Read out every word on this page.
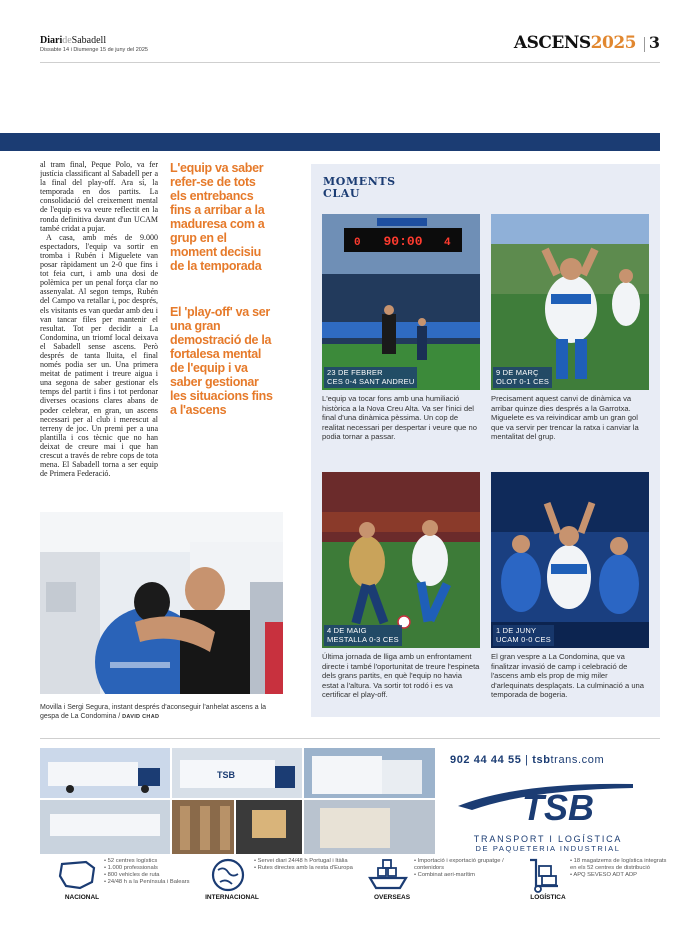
DiarideSabadell
Dissabte 14 i Diumenge 15 de juny del 2025	ASCENS2025 3

al tram final, Peque Polo, va fer justícia classificant al Sabadell per a la final del play-off. Ara sí, la temporada en dos partits. La consolidació del creixement mental de l'equip es va veure reflectit en la ronda definitiva davant d'un UCAM també cridat a pujar.

A casa, amb més de 9.000 espectadors, l'equip va sortir en tromba i Rubén i Miguelete van posar ràpidament un 2-0 que fins i tot feia curt, i amb una dosi de polèmica per un penal força clar no assenyalat. Al segon temps, Rubén del Campo va retallar i, poc després, els visitants es van quedar amb deu i van tancar files per mantenir el resultat. Tot per decidir a La Condomina, un triomf local deixava el Sabadell sense ascens. Però després de tanta lluita, el final només podia ser un. Una primera meitat de patiment i treure aigua i una segona de saber gestionar els temps del partit i fins i tot perdonar diverses ocasions clares abans de poder celebrar, en gran, un ascens necessari per al club i merescut al terreny de joc. Un premi per a una plantilla i cos tècnic que no han deixat de creure mai i que han crescut a través de rebre cops de tota mena. El Sabadell torna a ser equip de Primera Federació.

L'equip va saber refer-se de tots els entrebancs fins a arribar a la maduresa com a grup en el moment decisiu de la temporada
El 'play-off' va ser una gran demostració de la fortalesa mental de l'equip i va saber gestionar les situacions fins a l'ascens
Movilla i Sergi Segura, instant després d'aconseguir l'anhelat ascens a la gespa de La Condomina / DAVID CHAD
MOMENTS
CLAU
90:00
0	4
23 DE FEBRER
CES 0-4 SANT ANDREU
L'equip va tocar fons amb una humiliació històrica a la Nova Creu Alta. Va ser l'inici del final d'una dinàmica pèssima. Un cop de realitat necessari per despertar i veure que no podia tornar a passar.
9 DE MARÇ
OLOT 0-1 CES
Precisament aquest canvi de dinàmica va arribar quinze dies després a la Garrotxa. Miguelete es va reivindicar amb un gran gol que va servir per trencar la ratxa i canviar la mentalitat del grup.
4 DE MAIG
MESTALLA 0-3 CES
Última jornada de lliga amb un enfrontament directe i també l'oportunitat de treure l'espineta dels grans partits, en què l'equip no havia estat a l'altura. Va sortir tot rodó i es va certificar el play-off.
1 DE JUNY
UCAM 0-0 CES
El gran vespre a La Condomina, que va finalitzar invasió de camp i celebració de l'ascens amb els prop de mig miler d'arlequinats desplaçats. La culminació a una temporada de bogeria.
TSB
902 44 44 55 | tsbtrans.com
TSB
TRANSPORT I LOGÍSTICA
DE PAQUETERIA INDUSTRIAL
NACIONAL
• 52 centres logístics
• 1.000 professionals
• 800 vehicles de ruta
• 24/48 h a la Península i Balears
INTERNACIONAL
• Servei diari 24/48 h Portugal i Itàlia
• Rutes directes amb la resta d'Europa
OVERSEAS
• Importació i exportació grupatge / contenidors
• Combinat aeri-marítim
LOGÍSTICA
• 18 magatzems de logística integrats en els 52 centres de distribució
• APQ SEVESO ADT ADP
